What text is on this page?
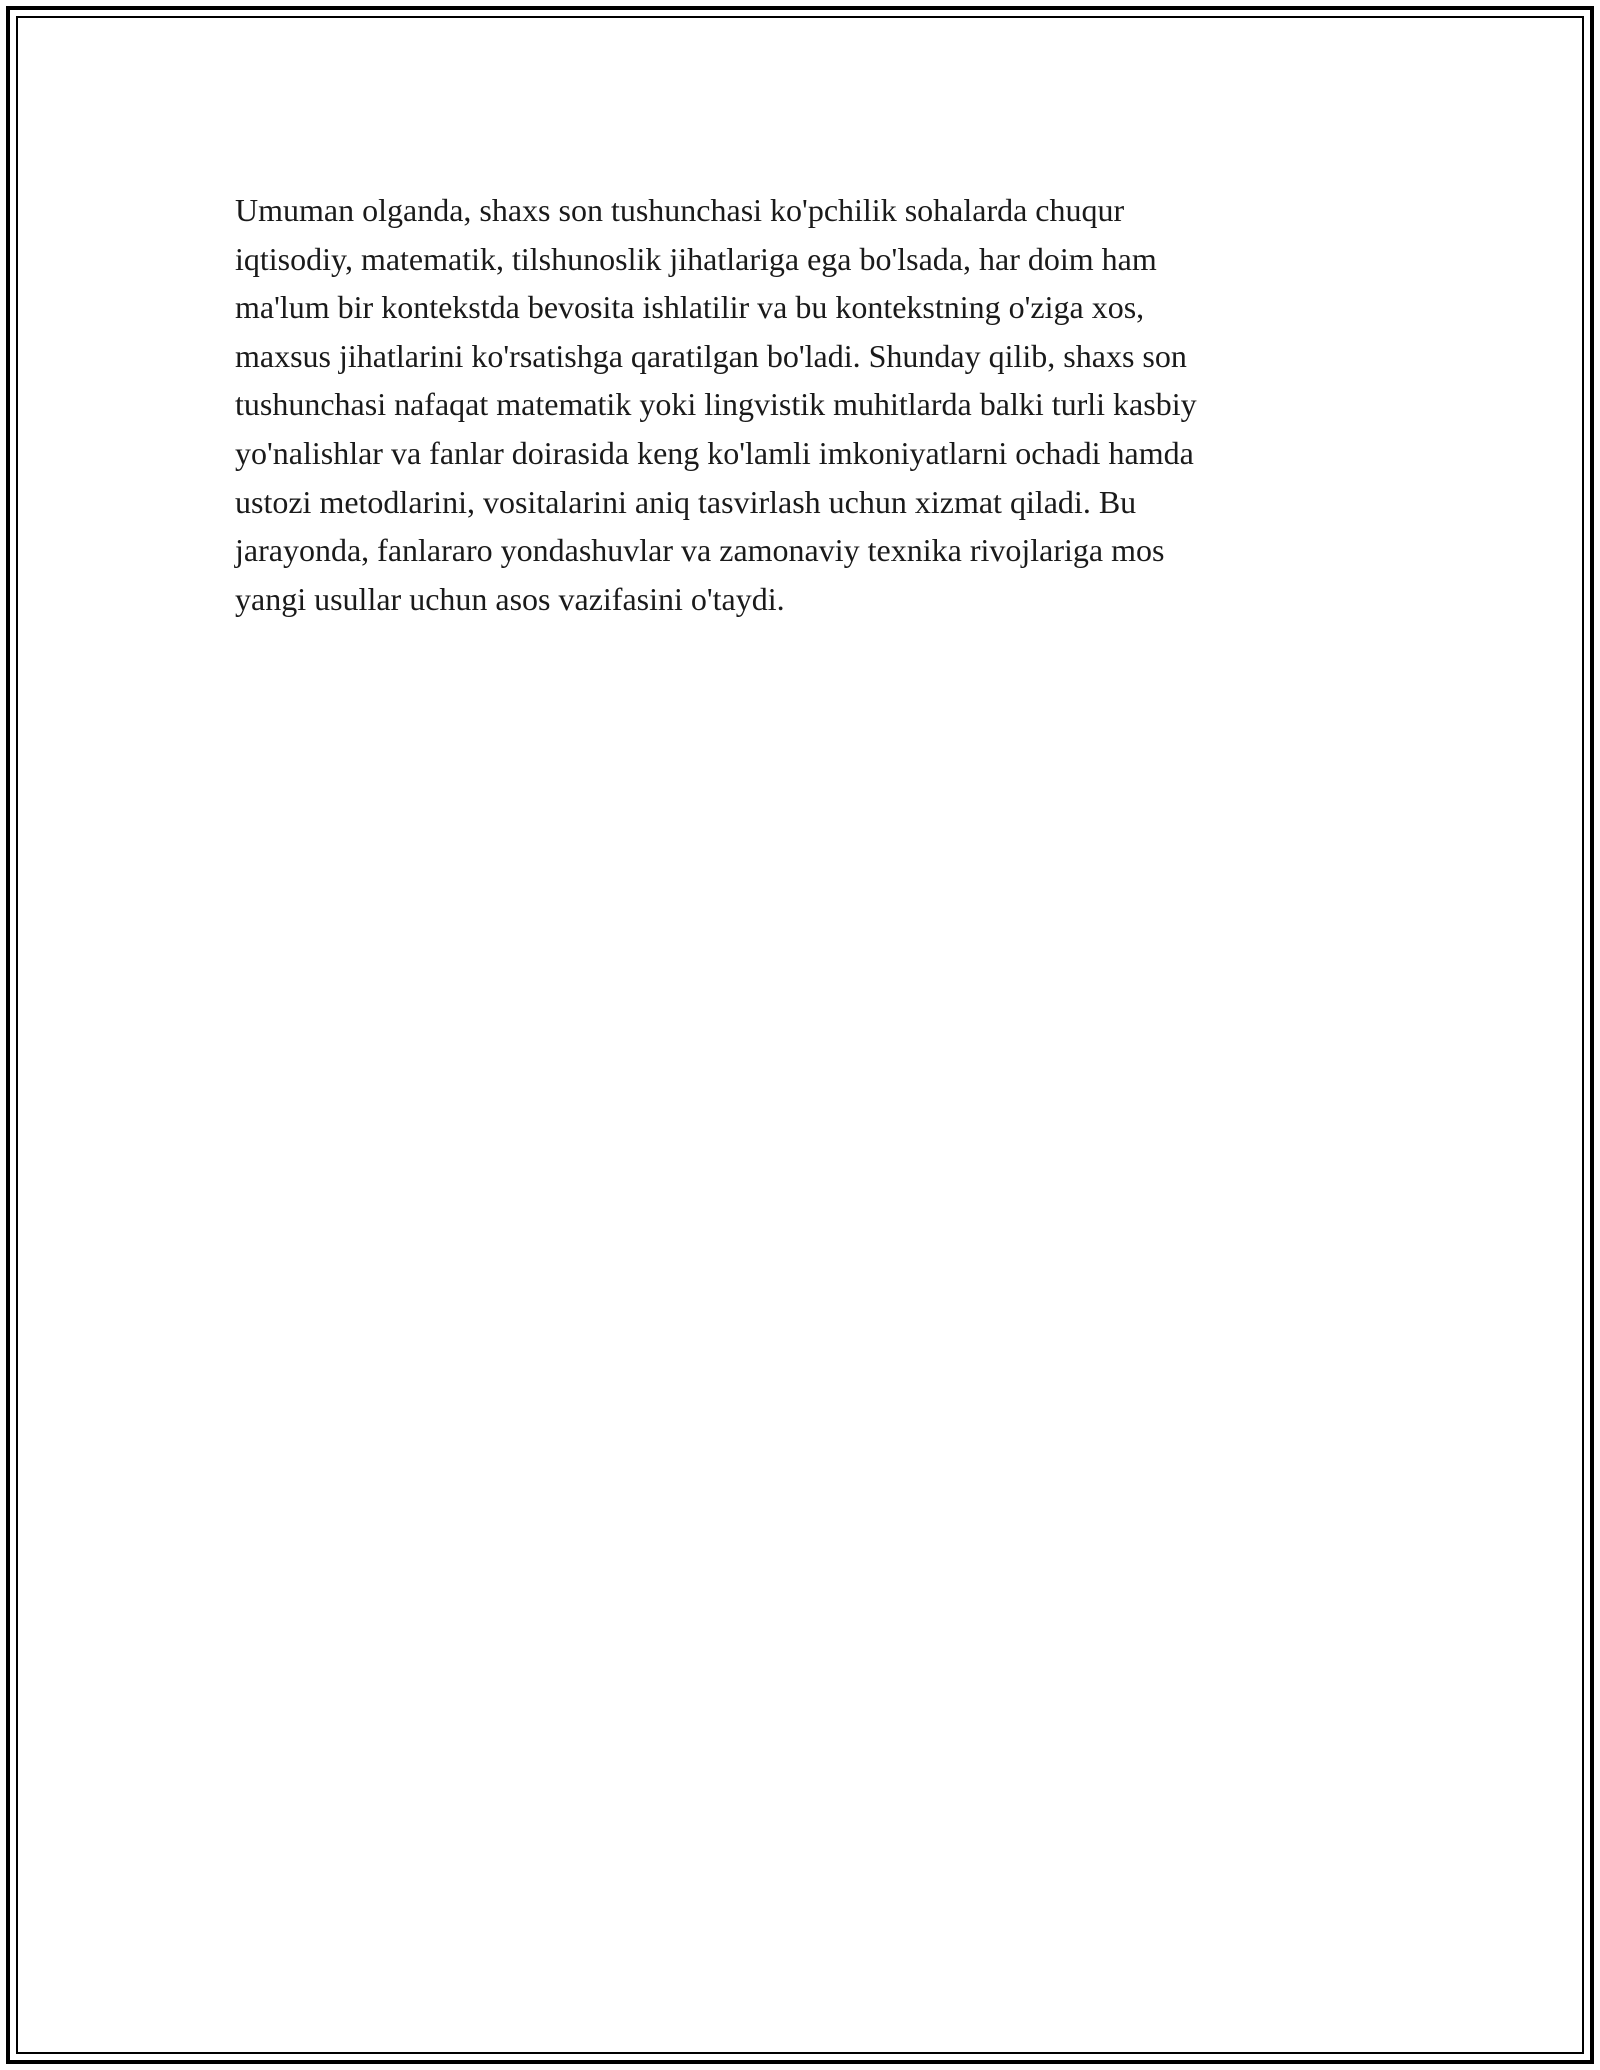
Umuman olganda, shaxs son tushunchasi ko'pchilik sohalarda chuqur
iqtisodiy, matematik, tilshunoslik jihatlariga ega bo'lsada, har doim ham
ma'lum bir kontekstda bevosita ishlatilir va bu kontekstning o'ziga xos,
maxsus jihatlarini ko'rsatishga qaratilgan bo'ladi. Shunday qilib, shaxs son
tushunchasi nafaqat matematik yoki lingvistik muhitlarda balki turli kasbiy
yo'nalishlar va fanlar doirasida keng ko'lamli imkoniyatlarni ochadi hamda
ustozi metodlarini, vositalarini aniq tasvirlash uchun xizmat qiladi. Bu
jarayonda, fanlararo yondashuvlar va zamonaviy texnika rivojlariga mos
yangi usullar uchun asos vazifasini o'taydi.
